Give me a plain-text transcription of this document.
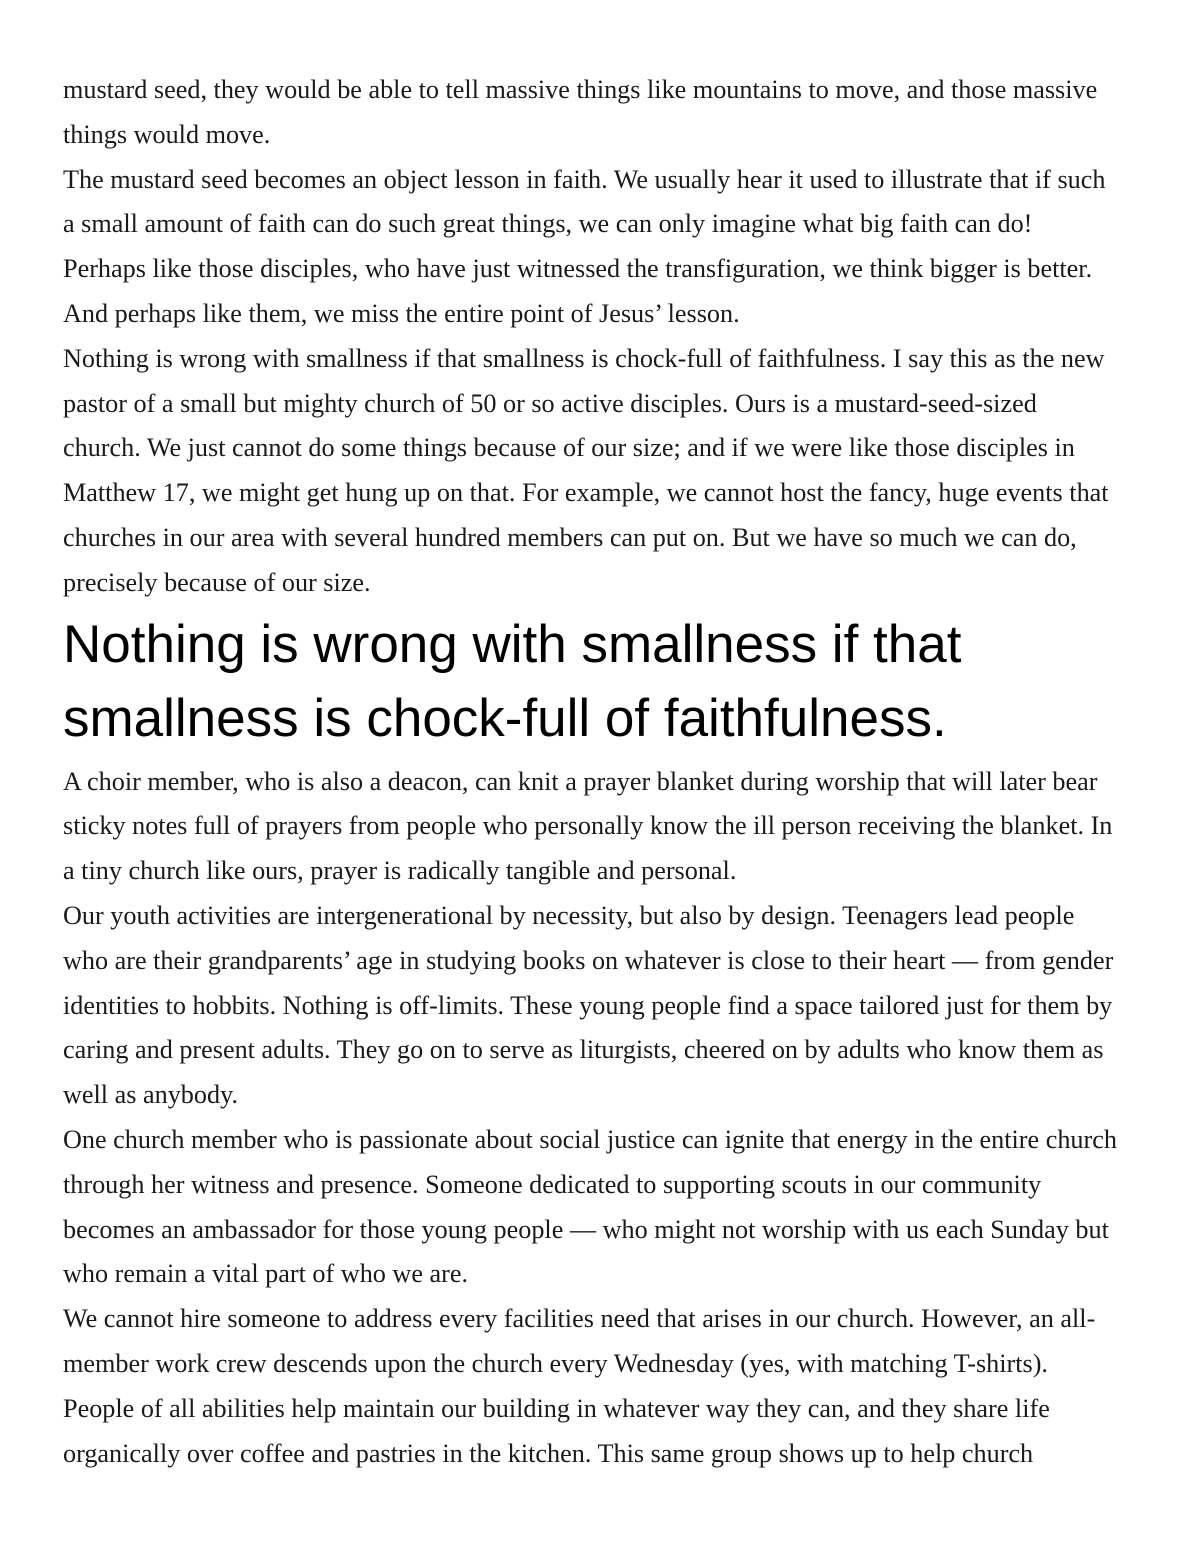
mustard seed, they would be able to tell massive things like mountains to move, and those massive

things would move.

The mustard seed becomes an object lesson in faith. We usually hear it used to illustrate that if such

a small amount of faith can do such great things, we can only imagine what big faith can do!

Perhaps like those disciples, who have just witnessed the transfiguration, we think bigger is better.

And perhaps like them, we miss the entire point of Jesus’ lesson.

Nothing is wrong with smallness if that smallness is chock-full of faithfulness. I say this as the new

pastor of a small but mighty church of 50 or so active disciples. Ours is a mustard-seed-sized

church. We just cannot do some things because of our size; and if we were like those disciples in

Matthew 17, we might get hung up on that. For example, we cannot host the fancy, huge events that

churches in our area with several hundred members can put on. But we have so much we can do,

precisely because of our size.

Nothing is wrong with smallness if that

smallness is chock-full of faithfulness.

A choir member, who is also a deacon, can knit a prayer blanket during worship that will later bear

sticky notes full of prayers from people who personally know the ill person receiving the blanket. In

a tiny church like ours, prayer is radically tangible and personal.

Our youth activities are intergenerational by necessity, but also by design. Teenagers lead people

who are their grandparents’ age in studying books on whatever is close to their heart — from gender

identities to hobbits. Nothing is off-limits. These young people find a space tailored just for them by

caring and present adults. They go on to serve as liturgists, cheered on by adults who know them as

well as anybody.

One church member who is passionate about social justice can ignite that energy in the entire church

through her witness and presence. Someone dedicated to supporting scouts in our community

becomes an ambassador for those young people — who might not worship with us each Sunday but

who remain a vital part of who we are.

We cannot hire someone to address every facilities need that arises in our church. However, an all-

member work crew descends upon the church every Wednesday (yes, with matching T-shirts).

People of all abilities help maintain our building in whatever way they can, and they share life

organically over coffee and pastries in the kitchen. This same group shows up to help church
